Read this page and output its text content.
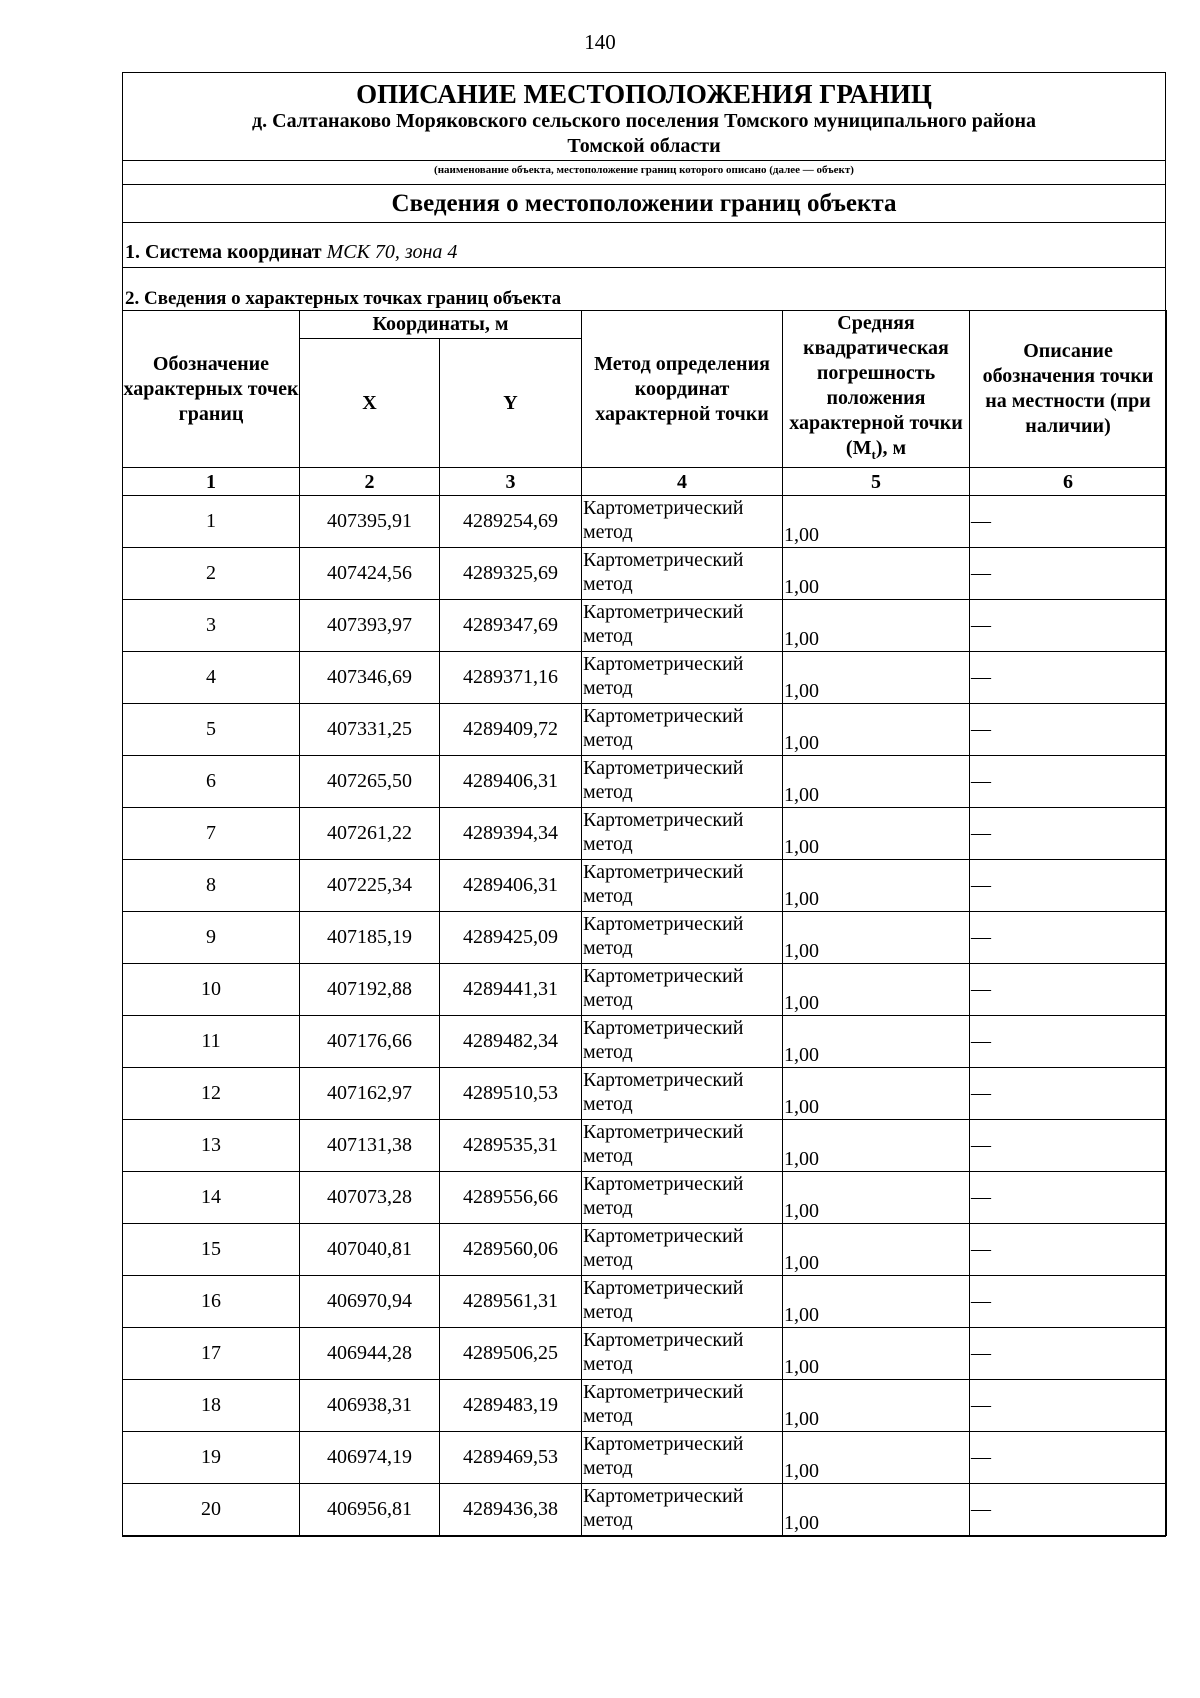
140
ОПИСАНИЕ МЕСТОПОЛОЖЕНИЯ ГРАНИЦ
д. Салтанаково Моряковского сельского поселения Томского муниципального района
Томской области
(наименование объекта, местоположение границ которого описано (далее — объект)
Сведения о местоположении границ объекта
1. Система координат МСК 70, зона 4
2. Сведения о характерных точках границ объекта
Обозначение характерных точек границ	Координаты, м		Метод определения координат характерной точки	Средняя квадратическая погрешность положения характерной точки $(M_t)$, м	Описание обозначения точки на местности (при наличии)
	X	Y			
1	2	3	4	5	6
1	407395,91	4289254,69	Картометрический
метод	1,00	—
2	407424,56	4289325,69	Картометрический
метод	1,00	—
3	407393,97	4289347,69	Картометрический
метод	1,00	—
4	407346,69	4289371,16	Картометрический
метод	1,00	—
5	407331,25	4289409,72	Картометрический
метод	1,00	—
6	407265,50	4289406,31	Картометрический
метод	1,00	—
7	407261,22	4289394,34	Картометрический
метод	1,00	—
8	407225,34	4289406,31	Картометрический
метод	1,00	—
9	407185,19	4289425,09	Картометрический
метод	1,00	—
10	407192,88	4289441,31	Картометрический
метод	1,00	—
11	407176,66	4289482,34	Картометрический
метод	1,00	—
12	407162,97	4289510,53	Картометрический
метод	1,00	—
13	407131,38	4289535,31	Картометрический
метод	1,00	—
14	407073,28	4289556,66	Картометрический
метод	1,00	—
15	407040,81	4289560,06	Картометрический
метод	1,00	—
16	406970,94	4289561,31	Картометрический
метод	1,00	—
17	406944,28	4289506,25	Картометрический
метод	1,00	—
18	406938,31	4289483,19	Картометрический
метод	1,00	—
19	406974,19	4289469,53	Картометрический
метод	1,00	—
20	406956,81	4289436,38	Картометрический
метод	1,00	—
